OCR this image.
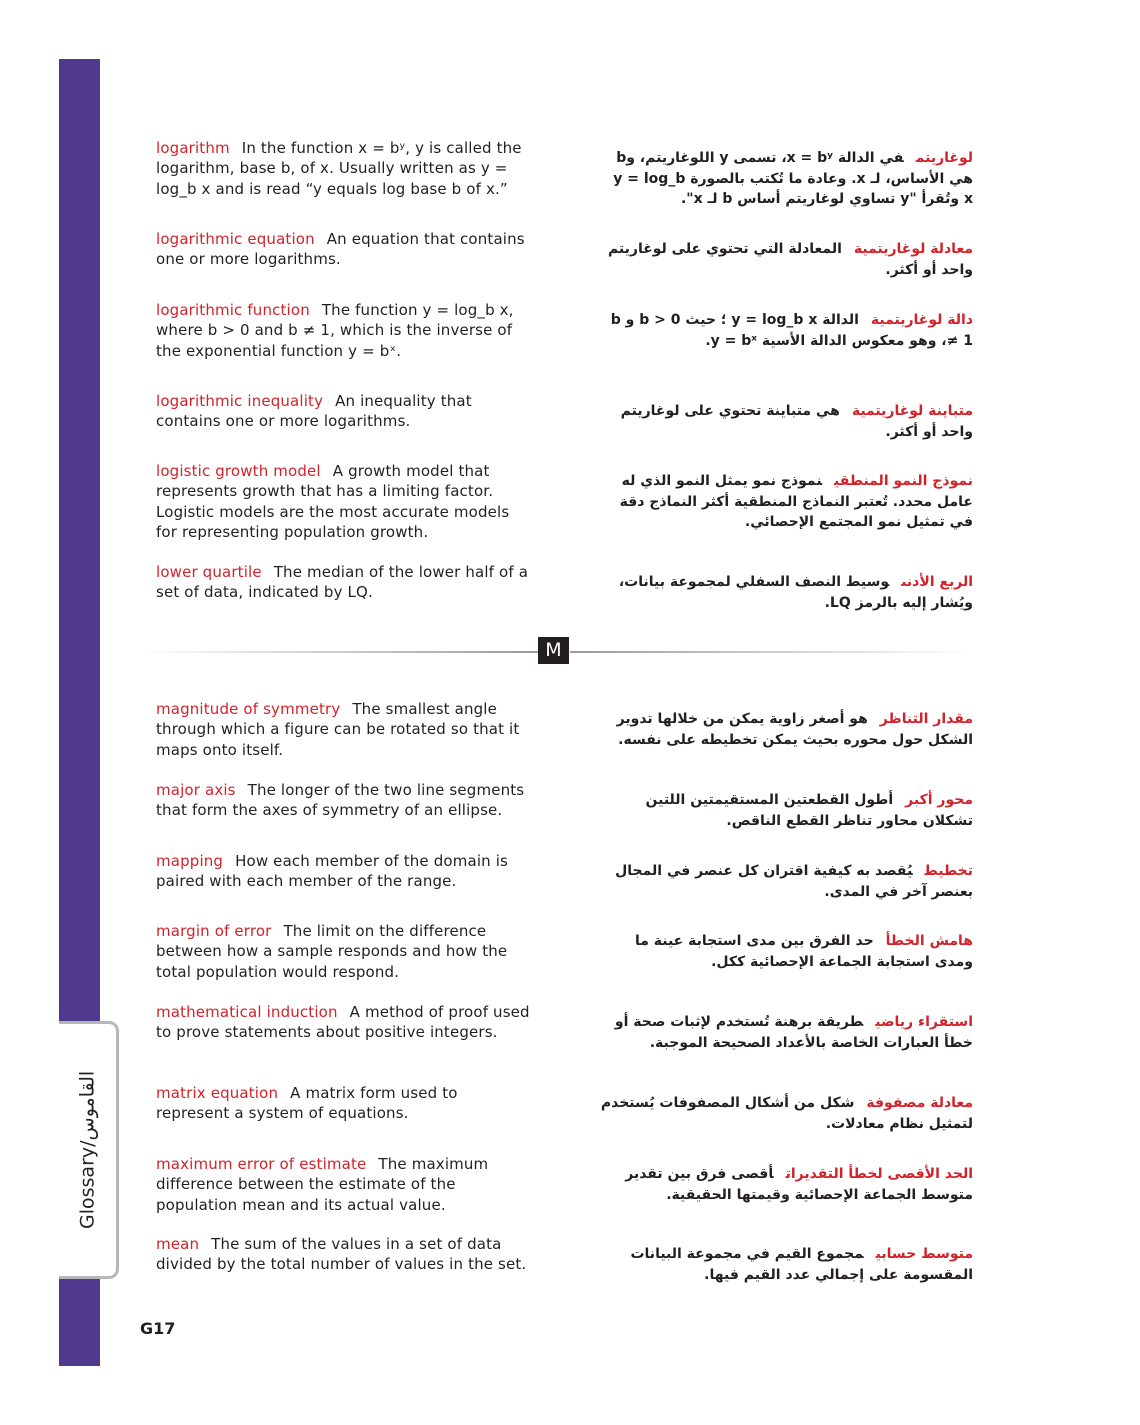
Glossary/القاموس
logarithm In the function x = bʸ, y is called the logarithm, base b, of x. Usually written as y = log_b x and is read “y equals log base b of x.”
لوغاريتمفي الدالة x = bʸ، تسمى y اللوغاريتم، وb هي الأساس، لـ x. وعادة ما تُكتب بالصورة y = log_b x وتُقرأ "y تساوي لوغاريتم أساس b لـ x".
logarithmic equation An equation that contains one or more logarithms.
معادلة لوغاريتميةالمعادلة التي تحتوي على لوغاريتم واحد أو أكثر.
logarithmic function The function y = log_b x, where b > 0 and b ≠ 1, which is the inverse of the exponential function y = bˣ.
دالة لوغاريتميةالدالة y = log_b x ؛ حيث b > 0 و b ≠ 1، وهو معكوس الدالة الأسية y = bˣ.
logarithmic inequality An inequality that contains one or more logarithms.
متباينة لوغاريتميةهي متباينة تحتوي على لوغاريتم واحد أو أكثر.
logistic growth model A growth model that represents growth that has a limiting factor. Logistic models are the most accurate models for representing population growth.
نموذج النمو المنطقينموذج نمو يمثل النمو الذي له عامل محدد. تُعتبر النماذج المنطقية أكثر النماذج دقة في تمثيل نمو المجتمع الإحصائي.
lower quartile The median of the lower half of a set of data, indicated by LQ.
الربع الأدنىوسيط النصف السفلي لمجموعة بيانات، ويُشار إليه بالرمز LQ.
M
magnitude of symmetry The smallest angle through which a figure can be rotated so that it maps onto itself.
مقدار التناظرهو أصغر زاوية يمكن من خلالها تدوير الشكل حول محوره بحيث يمكن تخطيطه على نفسه.
major axis The longer of the two line segments that form the axes of symmetry of an ellipse.
محور أكبرأطول القطعتين المستقيمتين اللتين تشكلان محاور تناظر القطع الناقص.
mapping How each member of the domain is paired with each member of the range.
تخطيطيُقصد به كيفية اقتران كل عنصر في المجال بعنصر آخر في المدى.
margin of error The limit on the difference between how a sample responds and how the total population would respond.
هامش الخطأحد الفرق بين مدى استجابة عينة ما ومدى استجابة الجماعة الإحصائية ككل.
mathematical induction A method of proof used to prove statements about positive integers.
استقراء رياضيطريقة برهنة تُستخدم لإثبات صحة أو خطأ العبارات الخاصة بالأعداد الصحيحة الموجبة.
matrix equation A matrix form used to represent a system of equations.
معادلة مصفوفةشكل من أشكال المصفوفات يُستخدم لتمثيل نظام معادلات.
maximum error of estimate The maximum difference between the estimate of the population mean and its actual value.
الحد الأقصى لخطأ التقديراتأقصى فرق بين تقدير متوسط الجماعة الإحصائية وقيمتها الحقيقية.
mean The sum of the values in a set of data divided by the total number of values in the set.
متوسط حسابيمجموع القيم في مجموعة البيانات المقسومة على إجمالي عدد القيم فيها.
G17
